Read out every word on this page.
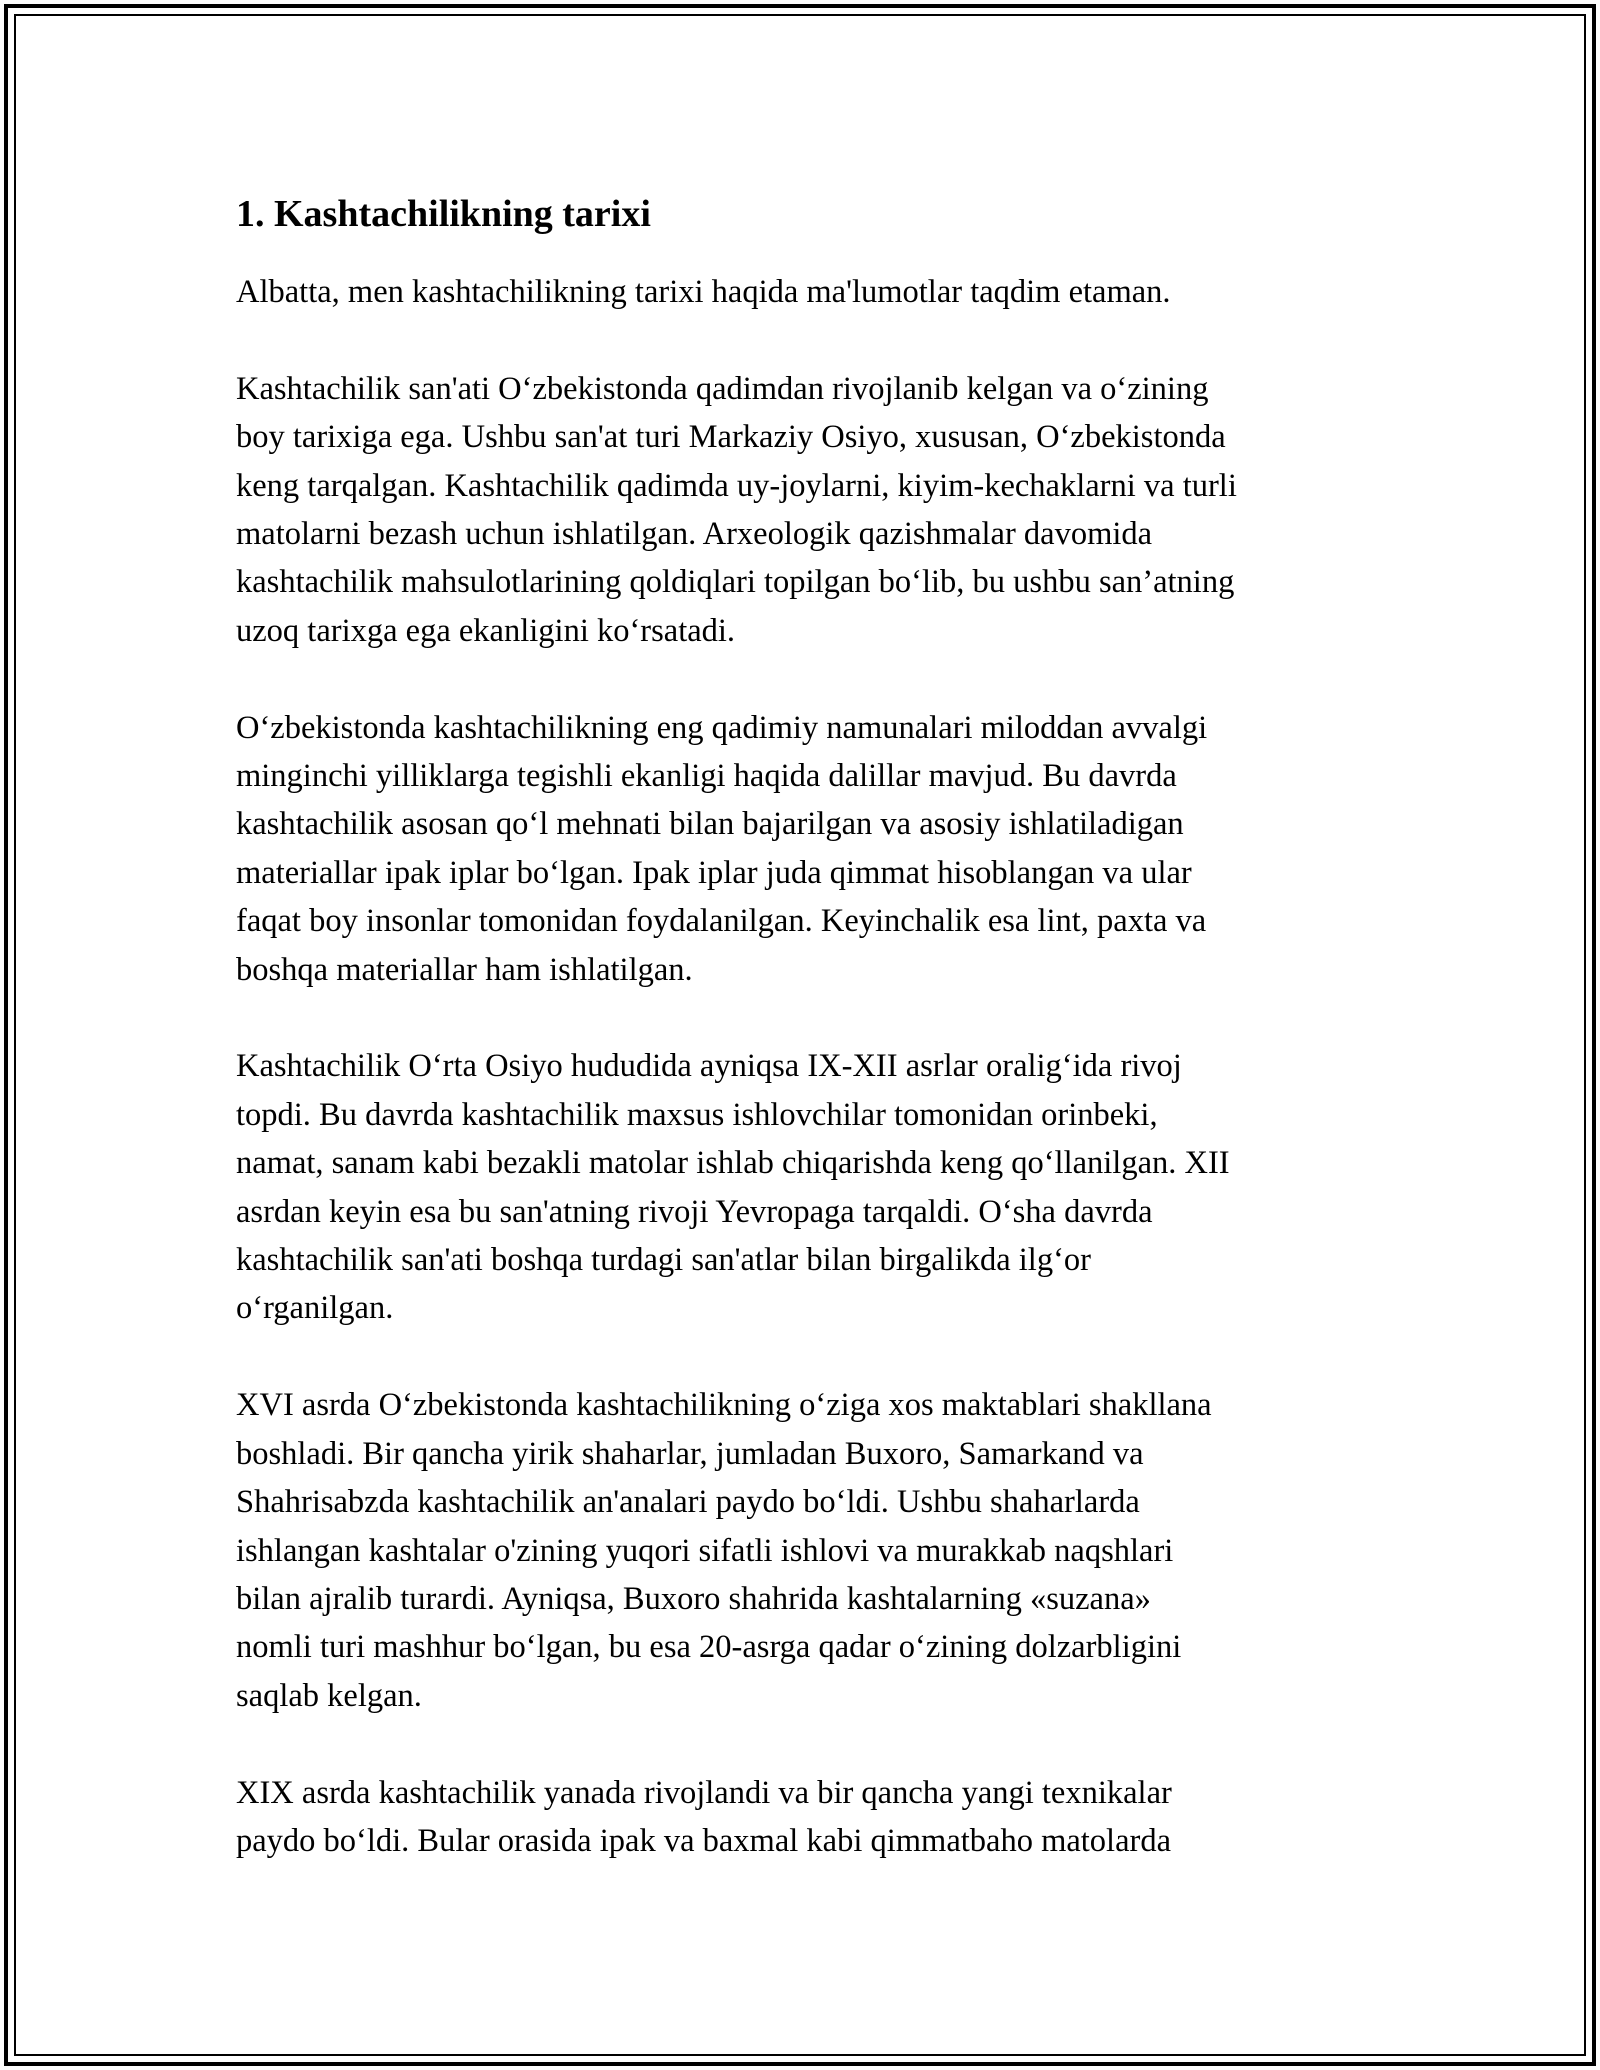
1. Kashtachilikning tarixi

Albatta, men kashtachilikning tarixi haqida ma'lumotlar taqdim etaman.

Kashtachilik san'ati O‘zbekistonda qadimdan rivojlanib kelgan va o‘zining
boy tarixiga ega. Ushbu san'at turi Markaziy Osiyo, xususan, O‘zbekistonda
keng tarqalgan. Kashtachilik qadimda uy-joylarni, kiyim-kechaklarni va turli
matolarni bezash uchun ishlatilgan. Arxeologik qazishmalar davomida
kashtachilik mahsulotlarining qoldiqlari topilgan bo‘lib, bu ushbu san’atning
uzoq tarixga ega ekanligini ko‘rsatadi.

O‘zbekistonda kashtachilikning eng qadimiy namunalari miloddan avvalgi
minginchi yilliklarga tegishli ekanligi haqida dalillar mavjud. Bu davrda
kashtachilik asosan qo‘l mehnati bilan bajarilgan va asosiy ishlatiladigan
materiallar ipak iplar bo‘lgan. Ipak iplar juda qimmat hisoblangan va ular
faqat boy insonlar tomonidan foydalanilgan. Keyinchalik esa lint, paxta va
boshqa materiallar ham ishlatilgan.

Kashtachilik O‘rta Osiyo hududida ayniqsa IX-XII asrlar oralig‘ida rivoj
topdi. Bu davrda kashtachilik maxsus ishlovchilar tomonidan orinbeki,
namat, sanam kabi bezakli matolar ishlab chiqarishda keng qo‘llanilgan. XII
asrdan keyin esa bu san'atning rivoji Yevropaga tarqaldi. O‘sha davrda
kashtachilik san'ati boshqa turdagi san'atlar bilan birgalikda ilg‘or
o‘rganilgan.

XVI asrda O‘zbekistonda kashtachilikning o‘ziga xos maktablari shakllana
boshladi. Bir qancha yirik shaharlar, jumladan Buxoro, Samarkand va
Shahrisabzda kashtachilik an'analari paydo bo‘ldi. Ushbu shaharlarda
ishlangan kashtalar o'zining yuqori sifatli ishlovi va murakkab naqshlari
bilan ajralib turardi. Ayniqsa, Buxoro shahrida kashtalarning «suzana»
nomli turi mashhur bo‘lgan, bu esa 20-asrga qadar o‘zining dolzarbligini
saqlab kelgan.

XIX asrda kashtachilik yanada rivojlandi va bir qancha yangi texnikalar
paydo bo‘ldi. Bular orasida ipak va baxmal kabi qimmatbaho matolarda
